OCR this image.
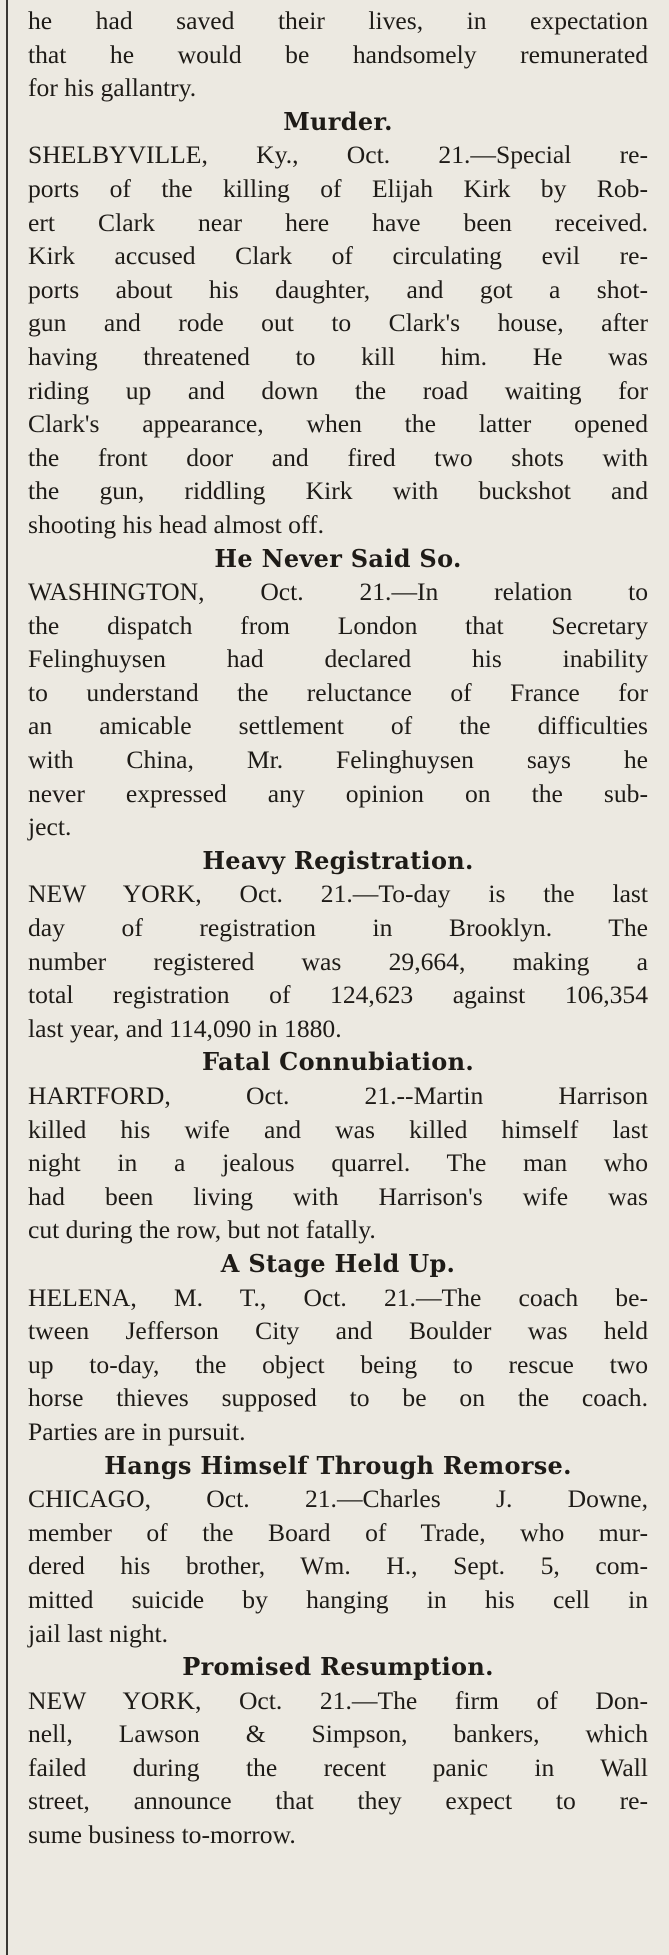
he had saved their lives, in expectation
that he would be handsomely remunerated
for his gallantry.
Murder.
SHELBYVILLE, Ky., Oct. 21.—Special re-
ports of the killing of Elijah Kirk by Rob-
ert Clark near here have been received.
Kirk accused Clark of circulating evil re-
ports about his daughter, and got a shot-
gun and rode out to Clark's house, after
having threatened to kill him. He was
riding up and down the road waiting for
Clark's appearance, when the latter opened
the front door and fired two shots with
the gun, riddling Kirk with buckshot and
shooting his head almost off.
He Never Said So.
WASHINGTON, Oct. 21.—In relation to
the dispatch from London that Secretary
Felinghuysen had declared his inability
to understand the reluctance of France for
an amicable settlement of the difficulties
with China, Mr. Felinghuysen says he
never expressed any opinion on the sub-
ject.
Heavy Registration.
NEW YORK, Oct. 21.—To-day is the last
day of registration in Brooklyn. The
number registered was 29,664, making a
total registration of 124,623 against 106,354
last year, and 114,090 in 1880.
Fatal Connubiation.
HARTFORD, Oct. 21.--Martin Harrison
killed his wife and was killed himself last
night in a jealous quarrel. The man who
had been living with Harrison's wife was
cut during the row, but not fatally.
A Stage Held Up.
HELENA, M. T., Oct. 21.—The coach be-
tween Jefferson City and Boulder was held
up to-day, the object being to rescue two
horse thieves supposed to be on the coach.
Parties are in pursuit.
Hangs Himself Through Remorse.
CHICAGO, Oct. 21.—Charles J. Downe,
member of the Board of Trade, who mur-
dered his brother, Wm. H., Sept. 5, com-
mitted suicide by hanging in his cell in
jail last night.
Promised Resumption.
NEW YORK, Oct. 21.—The firm of Don-
nell, Lawson & Simpson, bankers, which
failed during the recent panic in Wall
street, announce that they expect to re-
sume business to-morrow.
